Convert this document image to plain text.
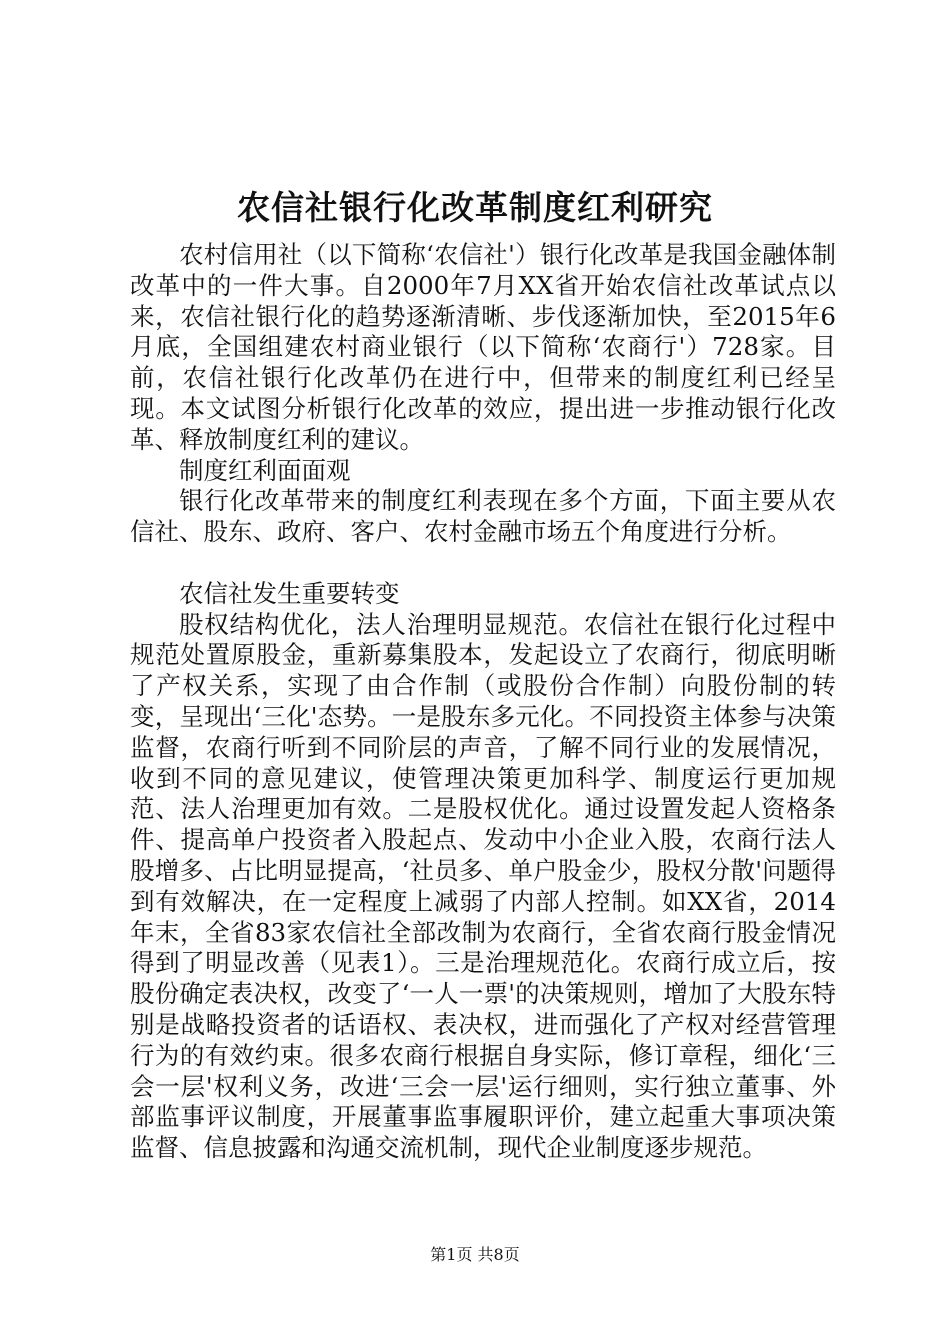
农信社银行化改革制度红利研究

农村信用社（以下简称‘农信社'）银行化改革是我国金融体制改革中的一件大事。自2000年7月XX省开始农信社改革试点以来，农信社银行化的趋势逐渐清晰、步伐逐渐加快，至2015年6月底，全国组建农村商业银行（以下简称‘农商行'）728家。目前，农信社银行化改革仍在进行中，但带来的制度红利已经呈现。本文试图分析银行化改革的效应，提出进一步推动银行化改革、释放制度红利的建议。

制度红利面面观

银行化改革带来的制度红利表现在多个方面，下面主要从农信社、股东、政府、客户、农村金融市场五个角度进行分析。

农信社发生重要转变

股权结构优化，法人治理明显规范。农信社在银行化过程中规范处置原股金，重新募集股本，发起设立了农商行，彻底明晰了产权关系，实现了由合作制（或股份合作制）向股份制的转变，呈现出‘三化'态势。一是股东多元化。不同投资主体参与决策监督，农商行听到不同阶层的声音，了解不同行业的发展情况，收到不同的意见建议，使管理决策更加科学、制度运行更加规范、法人治理更加有效。二是股权优化。通过设置发起人资格条件、提高单户投资者入股起点、发动中小企业入股，农商行法人股增多、占比明显提高，‘社员多、单户股金少，股权分散'问题得到有效解决，在一定程度上减弱了内部人控制。如XX省，2014年末，全省83家农信社全部改制为农商行，全省农商行股金情况得到了明显改善（见表1）。三是治理规范化。农商行成立后，按股份确定表决权，改变了‘一人一票'的决策规则，增加了大股东特别是战略投资者的话语权、表决权，进而强化了产权对经营管理行为的有效约束。很多农商行根据自身实际，修订章程，细化‘三会一层'权利义务，改进‘三会一层'运行细则，实行独立董事、外部监事评议制度，开展董事监事履职评价，建立起重大事项决策监督、信息披露和沟通交流机制，现代企业制度逐步规范。

第1页 共8页
